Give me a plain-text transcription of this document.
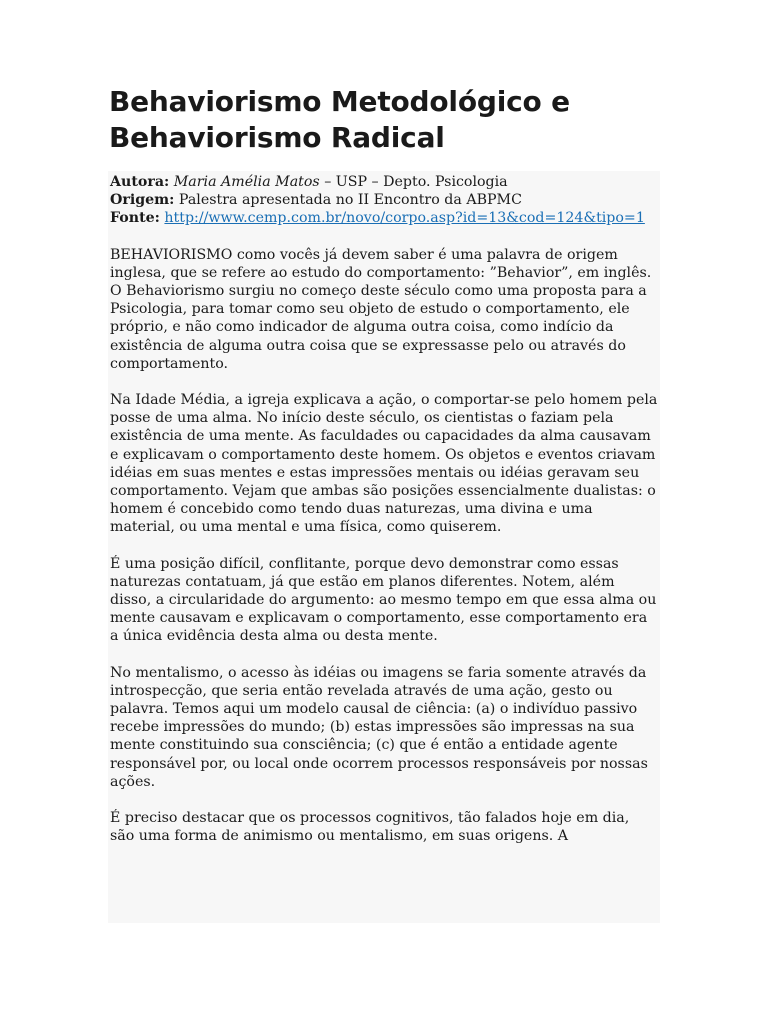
Behaviorismo Metodológico e Behaviorismo Radical

Autora: Maria Amélia Matos – USP – Depto. Psicologia

Origem: Palestra apresentada no II Encontro da ABPMC

Fonte: http://www.cemp.com.br/novo/corpo.asp?id=13&cod=124&tipo=1

BEHAVIORISMO como vocês já devem saber é uma palavra de origem inglesa, que se refere ao estudo do comportamento: ”Behavior”, em inglês. O Behaviorismo surgiu no começo deste século como uma proposta para a Psicologia, para tomar como seu objeto de estudo o comportamento, ele próprio, e não como indicador de alguma outra coisa, como indício da existência de alguma outra coisa que se expressasse pelo ou através do comportamento.

Na Idade Média, a igreja explicava a ação, o comportar-se pelo homem pela posse de uma alma. No início deste século, os cientistas o faziam pela existência de uma mente. As faculdades ou capacidades da alma causavam e explicavam o comportamento deste homem. Os objetos e eventos criavam idéias em suas mentes e estas impressões mentais ou idéias geravam seu comportamento. Vejam que ambas são posições essencialmente dualistas: o homem é concebido como tendo duas naturezas, uma divina e uma material, ou uma mental e uma física, como quiserem.

É uma posição difícil, conflitante, porque devo demonstrar como essas naturezas contatuam, já que estão em planos diferentes. Notem, além disso, a circularidade do argumento: ao mesmo tempo em que essa alma ou mente causavam e explicavam o comportamento, esse comportamento era a única evidência desta alma ou desta mente.

No mentalismo, o acesso às idéias ou imagens se faria somente através da introspecção, que seria então revelada através de uma ação, gesto ou palavra. Temos aqui um modelo causal de ciência: (a) o indivíduo passivo recebe impressões do mundo; (b) estas impressões são impressas na sua mente constituindo sua consciência; (c) que é então a entidade agente responsável por, ou local onde ocorrem processos responsáveis por nossas ações.

É preciso destacar que os processos cognitivos, tão falados hoje em dia, são uma forma de animismo ou mentalismo, em suas origens. A
